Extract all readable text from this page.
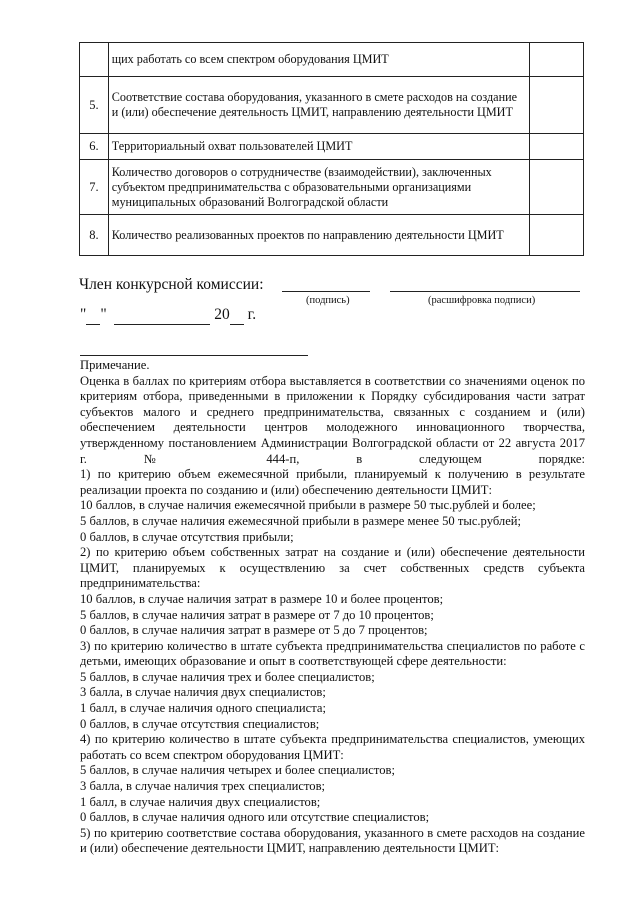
	щих работать со всем спектром оборудования ЦМИТ	
5.	Соответствие состава оборудования, указанного в смете расходов на создание и (или) обеспечение деятельность ЦМИТ, направлению деятельности ЦМИТ	
6.	Территориальный охват пользователей ЦМИТ	
7.	Количество договоров о сотрудничестве (взаимодействии), заключенных субъектом предпринимательства с образовательными организациями муниципальных образований Волгоградской области	
8.	Количество реализованных проектов по направлению деятельности ЦМИТ	
Член конкурсной комиссии:
(подпись)	(расшифровка подписи)
" "	20 г.

Примечание.

Оценка в баллах по критериям отбора выставляется в соответствии со значениями оценок по критериям отбора, приведенными в приложении к Порядку субсидирования части затрат субъектов малого и среднего предпринимательства, связанных с созданием и (или) обеспечением деятельности центров молодежного инновационного творчества, утвержденному постановлением Администрации Волгоградской области от 22 августа 2017 г. № 444-п, в следующем порядке:

1) по критерию объем ежемесячной прибыли, планируемый к получению в результате реализации проекта по созданию и (или) обеспечению деятельности ЦМИТ:

10 баллов, в случае наличия ежемесячной прибыли в размере 50 тыс.рублей и более;

5 баллов, в случае наличия ежемесячной прибыли в размере менее 50 тыс.рублей;

0 баллов, в случае отсутствия прибыли;

2) по критерию объем собственных затрат на создание и (или) обеспечение деятельности ЦМИТ, планируемых к осуществлению за счет собственных средств субъекта предпринимательства:

10 баллов, в случае наличия затрат в размере 10 и более процентов;

5 баллов, в случае наличия затрат в размере от 7 до 10 процентов;

0 баллов, в случае наличия затрат в размере от 5 до 7 процентов;

3) по критерию количество в штате субъекта предпринимательства специалистов по работе с детьми, имеющих образование и опыт в соответствующей сфере деятельности:

5 баллов, в случае наличия трех и более специалистов;

3 балла, в случае наличия двух специалистов;

1 балл, в случае наличия одного специалиста;

0 баллов, в случае отсутствия специалистов;

4) по критерию количество в штате субъекта предпринимательства специалистов, умеющих работать со всем спектром оборудования ЦМИТ:

5 баллов, в случае наличия четырех и более специалистов;

3 балла, в случае наличия трех специалистов;

1 балл, в случае наличия двух специалистов;

0 баллов, в случае наличия одного или отсутствие специалистов;

5) по критерию соответствие состава оборудования, указанного в смете расходов на создание и (или) обеспечение деятельности ЦМИТ, направлению деятельности ЦМИТ:
